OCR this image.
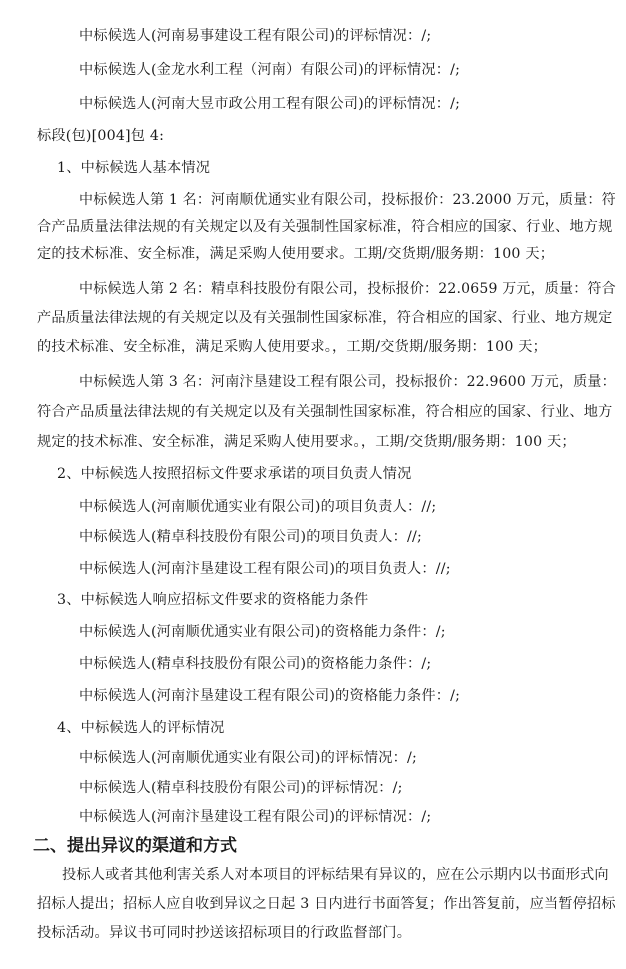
中标候选人(河南易事建设工程有限公司)的评标情况：/;
中标候选人(金龙水利工程（河南）有限公司)的评标情况：/;
中标候选人(河南大昱市政公用工程有限公司)的评标情况：/;
标段(包)[004]包 4:
1、中标候选人基本情况
中标候选人第 1 名：河南顺优通实业有限公司，投标报价：23.2000 万元，质量：符
合产品质量法律法规的有关规定以及有关强制性国家标准，符合相应的国家、行业、地方规
定的技术标准、安全标准，满足采购人使用要求。工期/交货期/服务期：100 天；
中标候选人第 2 名：精卓科技股份有限公司，投标报价：22.0659 万元，质量：符合
产品质量法律法规的有关规定以及有关强制性国家标准，符合相应的国家、行业、地方规定
的技术标准、安全标准，满足采购人使用要求。，工期/交货期/服务期：100 天；
中标候选人第 3 名：河南汴垦建设工程有限公司，投标报价：22.9600 万元，质量：
符合产品质量法律法规的有关规定以及有关强制性国家标准，符合相应的国家、行业、地方
规定的技术标准、安全标准，满足采购人使用要求。，工期/交货期/服务期：100 天；
2、中标候选人按照招标文件要求承诺的项目负责人情况
中标候选人(河南顺优通实业有限公司)的项目负责人：//;
中标候选人(精卓科技股份有限公司)的项目负责人：//;
中标候选人(河南汴垦建设工程有限公司)的项目负责人：//;
3、中标候选人响应招标文件要求的资格能力条件
中标候选人(河南顺优通实业有限公司)的资格能力条件：/;
中标候选人(精卓科技股份有限公司)的资格能力条件：/;
中标候选人(河南汴垦建设工程有限公司)的资格能力条件：/;
4、中标候选人的评标情况
中标候选人(河南顺优通实业有限公司)的评标情况：/;
中标候选人(精卓科技股份有限公司)的评标情况：/;
中标候选人(河南汴垦建设工程有限公司)的评标情况：/;
二、提出异议的渠道和方式
投标人或者其他利害关系人对本项目的评标结果有异议的，应在公示期内以书面形式向
招标人提出；招标人应自收到异议之日起 3 日内进行书面答复；作出答复前，应当暂停招标
投标活动。异议书可同时抄送该招标项目的行政监督部门。
